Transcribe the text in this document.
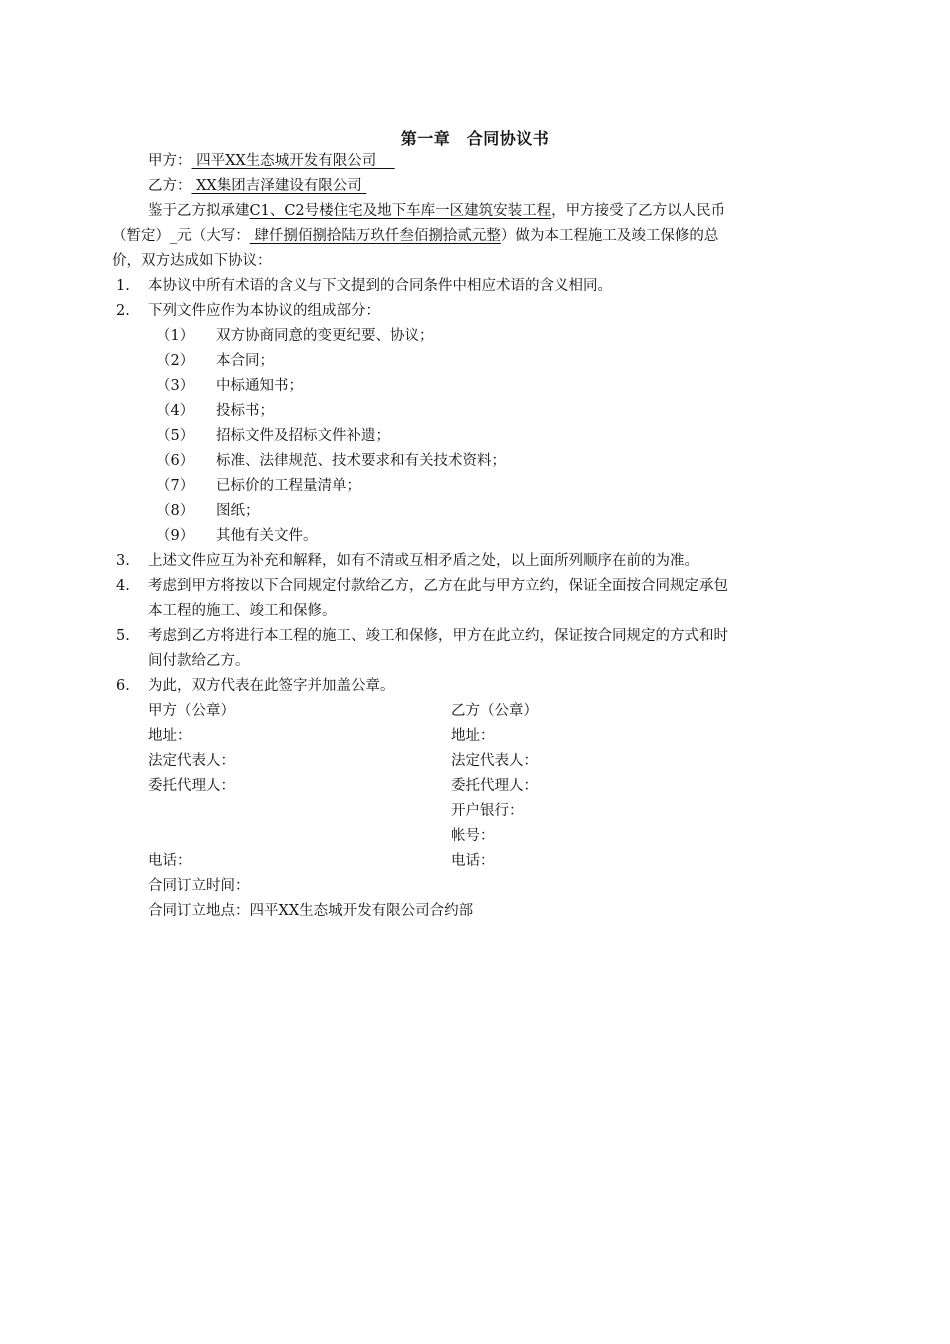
第一章　合同协议书
甲方： 四平XX生态城开发有限公司
乙方： XX集团吉泽建设有限公司
鉴于乙方拟承建C1、C2号楼住宅及地下车库一区建筑安装工程，甲方接受了乙方以人民币
（暂定）_元（大写： 肆仟捌佰捌拾陆万玖仟叁佰捌拾贰元整）做为本工程施工及竣工保修的总
价，双方达成如下协议：
1. 本协议中所有术语的含义与下文提到的合同条件中相应术语的含义相同。
2. 下列文件应作为本协议的组成部分：
（1） 双方协商同意的变更纪要、协议；
（2） 本合同；
（3） 中标通知书；
（4） 投标书；
（5） 招标文件及招标文件补遗；
（6） 标准、法律规范、技术要求和有关技术资料；
（7） 已标价的工程量清单；
（8） 图纸；
（9） 其他有关文件。
3. 上述文件应互为补充和解释，如有不清或互相矛盾之处，以上面所列顺序在前的为准。
4. 考虑到甲方将按以下合同规定付款给乙方，乙方在此与甲方立约，保证全面按合同规定承包
本工程的施工、竣工和保修。
5. 考虑到乙方将进行本工程的施工、竣工和保修，甲方在此立约，保证按合同规定的方式和时
间付款给乙方。
6. 为此，双方代表在此签字并加盖公章。
甲方（公章）
地址：
法定代表人：
委托代理人：
电话：
乙方（公章）
地址：
法定代表人：
委托代理人：
开户银行：
帐号：
电话：
合同订立时间：
合同订立地点：四平XX生态城开发有限公司合约部
